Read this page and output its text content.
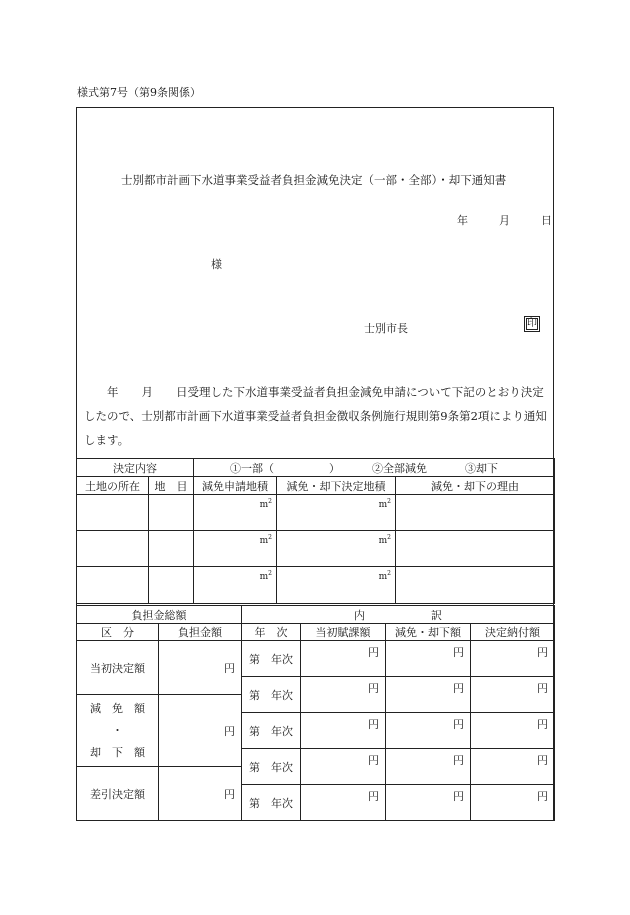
様式第7号（第9条関係）
士別都市計画下水道事業受益者負担金減免決定（一部・全部）・却下通知書
年	月	日
様
士別市長	印
　　年　　月　　日受理した下水道事業受益者負担金減免申請について下記のとおり決定したので、士別都市計画下水道事業受益者負担金徴収条例施行規則第9条第2項により通知します。
決定内容		①一部（　　　　　） ②全部減免 ③却下		
土地の所在	地　目	減免申請地積	減免・却下決定地積	減免・却下の理由

		$m^2$	$m^2$

		$m^2$	$m^2$

		$m^2$	$m^2$

負担金総額		内　　　　　　訳			
区　分	負担金額	年　次	当初賦課額	減免・却下額	決定納付額
当初決定額	円	第　年次	円	円	円

		第　年次	円	円	円

減　免　額
・
却　下　額	円				
		第　年次	円	円	円

		第　年次	円	円	円
差引決定額	円				
		第　年次	円	円	円
